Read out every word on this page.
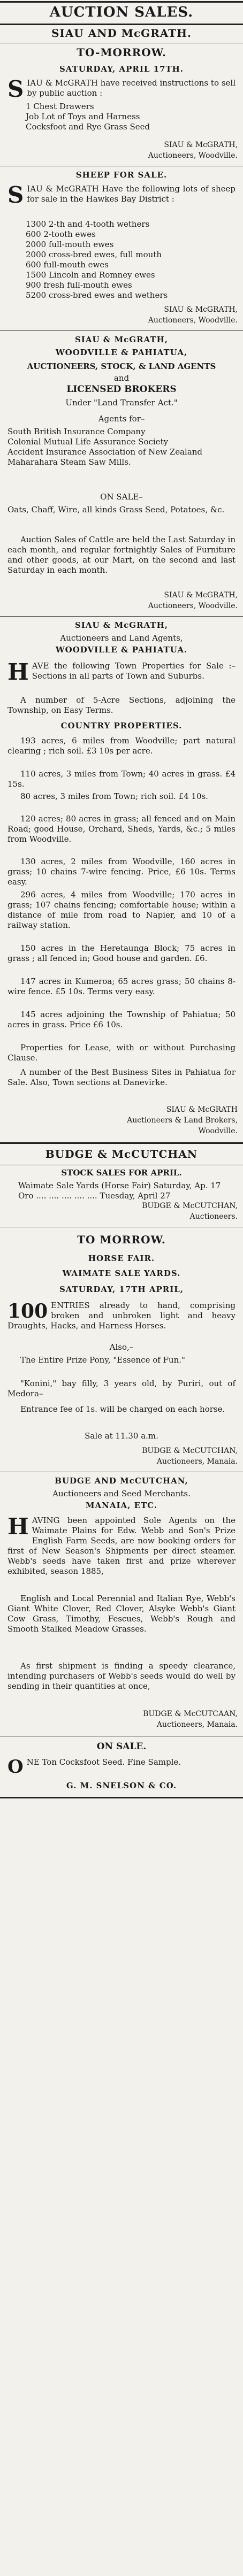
AUCTION SALES.
SIAU AND McGRATH.
TO-MORROW.
SATURDAY, APRIL 17TH.
S IAU & McGRATH have received instructions to sell by public auction :
1 Chest Drawers
Job Lot of Toys and Harness
Cocksfoot and Rye Grass Seed
SIAU & McGRATH,
Auctioneers, Woodville.
SHEEP FOR SALE.
S IAU & McGRATH Have the following lots of sheep for sale in the Hawkes Bay District :
1300 2-th and 4-tooth wethers
600 2-tooth ewes
2000 full-mouth ewes
2000 cross-bred ewes, full mouth
600 full-mouth ewes
1500 Lincoln and Romney ewes
900 fresh full-mouth ewes
5200 cross-bred ewes and wethers
SIAU & McGRATH,
Auctioneers, Woodville.
SIAU & McGRATH,
WOODVILLE & PAHIATUA,
AUCTIONEERS, STOCK, & LAND AGENTS
and
LICENSED BROKERS
Under "Land Transfer Act."
Agents for–
South British Insurance Company
Colonial Mutual Life Assurance Society
Accident Insurance Association of New Zealand
Maharahara Steam Saw Mills.
ON SALE–
Oats, Chaff, Wire, all kinds Grass Seed, Potatoes, &c.
Auction Sales of Cattle are held the Last Saturday in each month, and regular fortnightly Sales of Furniture and other goods, at our Mart, on the second and last Saturday in each month.
SIAU & McGRATH,
Auctioneers, Woodville.
SIAU & McGRATH,
Auctioneers and Land Agents,
WOODVILLE & PAHIATUA.
H AVE the following Town Properties for Sale :– Sections in all parts of Town and Suburbs.
A number of 5-Acre Sections, adjoining the Township, on Easy Terms.
COUNTRY PROPERTIES.
193 acres, 6 miles from Woodville; part natural clearing ; rich soil. £3 10s per acre.
110 acres, 3 miles from Town; 40 acres in grass. £4 15s.
80 acres, 3 miles from Town; rich soil. £4 10s.
120 acres; 80 acres in grass; all fenced and on Main Road; good House, Orchard, Sheds, Yards, &c.; 5 miles from Woodville.
130 acres, 2 miles from Woodville, 160 acres in grass; 10 chains 7-wire fencing. Price, £6 10s. Terms easy.
296 acres, 4 miles from Woodville; 170 acres in grass; 107 chains fencing; comfortable house; within a distance of mile from road to Napier, and 10 of a railway station.
150 acres in the Heretaunga Block; 75 acres in grass ; all fenced in; Good house and garden. £6.
147 acres in Kumeroa; 65 acres grass; 50 chains 8-wire fence. £5 10s. Terms very easy.
145 acres adjoining the Township of Pahiatua; 50 acres in grass. Price £6 10s.
Properties for Lease, with or without Purchasing Clause.
A number of the Best Business Sites in Pahiatua for Sale. Also, Town sections at Danevirke.
SIAU & McGRATH
Auctioneers & Land Brokers,
Woodville.
BUDGE & McCUTCHAN
STOCK SALES FOR APRIL.
Waimate Sale Yards (Horse Fair) Saturday, Ap. 17
Oro .... .... .... .... .... Tuesday, April 27
BUDGE & McCUTCHAN,
Auctioneers.
TO MORROW.
HORSE FAIR.
WAIMATE SALE YARDS.
SATURDAY, 17TH APRIL,
100 ENTRIES already to hand, comprising broken and unbroken light and heavy Draughts, Hacks, and Harness Horses.
Also,–
The Entire Prize Pony, "Essence of Fun."
"Konini," bay filly, 3 years old, by Puriri, out of Medora–
Entrance fee of 1s. will be charged on each horse.
Sale at 11.30 a.m.
BUDGE & McCUTCHAN,
Auctioneers, Manaia.
BUDGE AND McCUTCHAN,
Auctioneers and Seed Merchants.
MANAIA, ETC.
H AVING been appointed Sole Agents on the Waimate Plains for Edw. Webb and Son's Prize English Farm Seeds, are now booking orders for first of New Season's Shipments per direct steamer. Webb's seeds have taken first and prize wherever exhibited, season 1885,
English and Local Perennial and Italian Rye, Webb's Giant White Clover, Red Clover, Alsyke Webb's Giant Cow Grass, Timothy, Fescues, Webb's Rough and Smooth Stalked Meadow Grasses.
As first shipment is finding a speedy clearance, intending purchasers of Webb's seeds would do well by sending in their quantities at once,
BUDGE & McCUTCAAN,
Auctioneers, Manaia.
ON SALE.
O NE Ton Cocksfoot Seed. Fine Sample.
G. M. SNELSON & CO.
